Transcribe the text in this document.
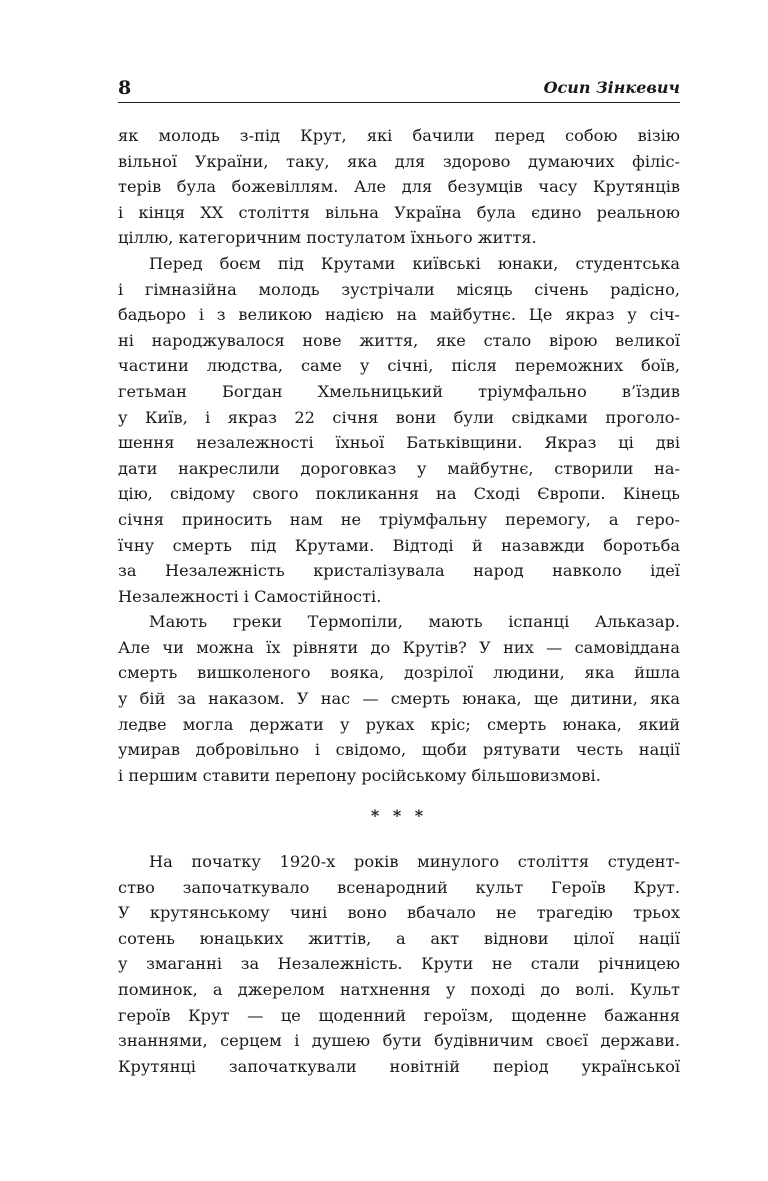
8	Осип Зінкевич
як молодь з-під Крут, які бачили перед собою візію
вільної України, таку, яка для здорово думаючих філіс-
терів була божевіллям. Але для безумців часу Крутянців
і кінця XX століття вільна Україна була єдино реальною
ціллю, категоричним постулатом їхнього життя.
Перед боєм під Крутами київські юнаки, студентська
і гімназійна молодь зустрічали місяць січень радісно,
бадьоро і з великою надією на майбутнє. Це якраз у січ-
ні народжувалося нове життя, яке стало вірою великої
частини людства, саме у січні, після переможних боїв,
гетьман Богдан Хмельницький тріумфально в’їздив
у Київ, і якраз 22 січня вони були свідками проголо-
шення незалежності їхньої Батьківщини. Якраз ці дві
дати накреслили дороговказ у майбутнє, створили на-
цію, свідому свого покликання на Сході Європи. Кінець
січня приносить нам не тріумфальну перемогу, а геро-
їчну смерть під Крутами. Відтоді й назавжди боротьба
за Незалежність кристалізувала народ навколо ідеї
Незалежності і Самостійності.
Мають греки Термопіли, мають іспанці Альказар.
Але чи можна їх рівняти до Крутів? У них — самовіддана
смерть вишколеного вояка, дозрілої людини, яка йшла
у бій за наказом. У нас — смерть юнака, ще дитини, яка
ледве могла держати у руках кріс; смерть юнака, який
умирав добровільно і свідомо, щоби рятувати честь нації
і першим ставити перепону російському більшовизмові.
* * *
На початку 1920-х років минулого століття студент-
ство започаткувало всенародний культ Героїв Крут.
У крутянському чині воно вбачало не трагедію трьох
сотень юнацьких життів, а акт віднови цілої нації
у змаганні за Незалежність. Крути не стали річницею
поминок, а джерелом натхнення у поході до волі. Культ
героїв Крут — це щоденний героїзм, щоденне бажання
знаннями, серцем і душею бути будівничим своєї держави.
Крутянці започаткували новітній період української
